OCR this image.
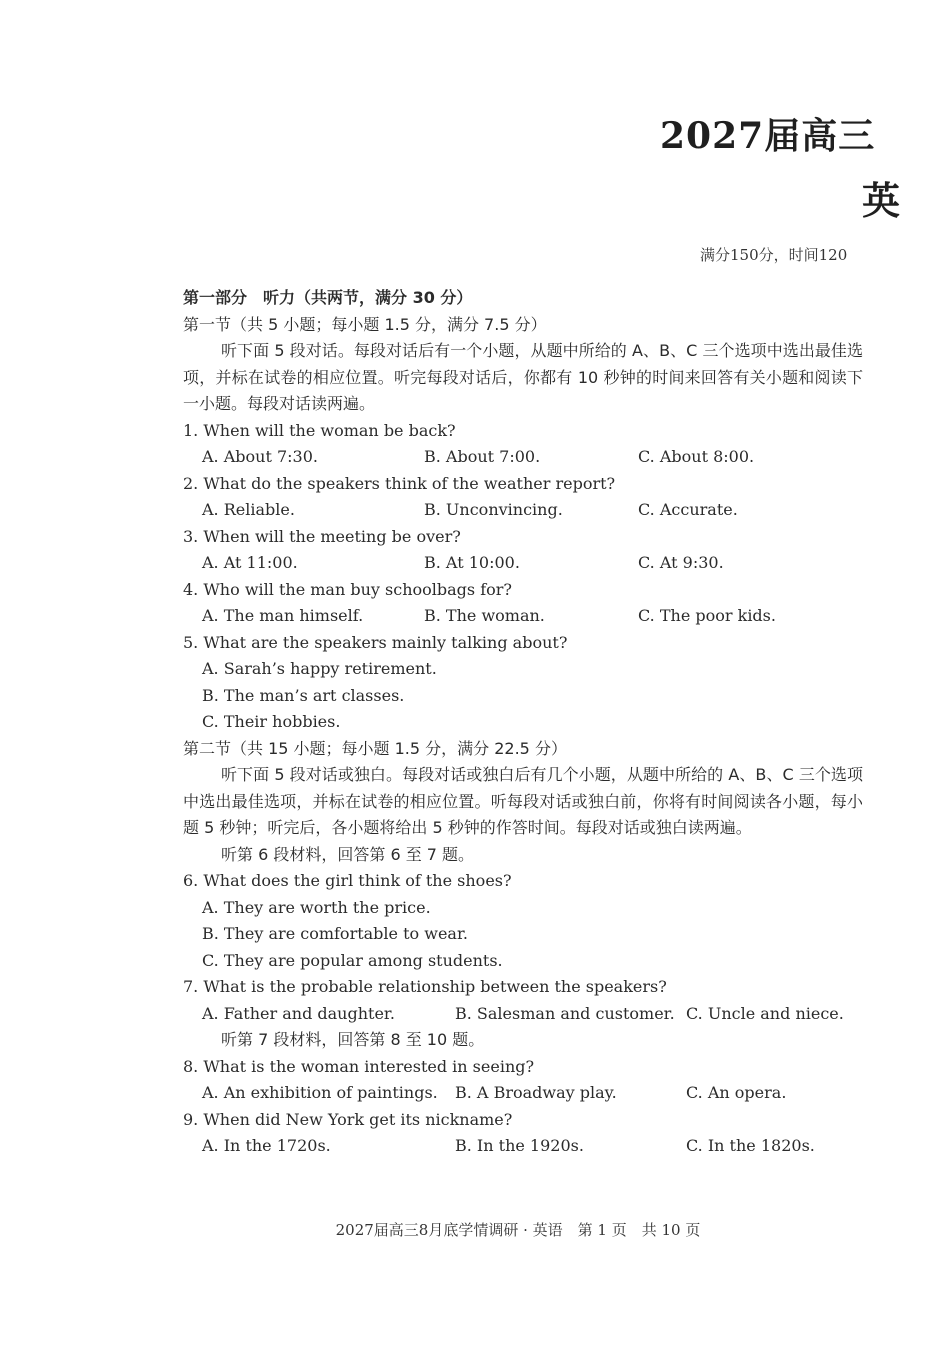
2027届高三
英
满分150分，时间120
第一部分　听力（共两节，满分 30 分）
第一节（共 5 小题；每小题 1.5 分，满分 7.5 分）
听下面 5 段对话。每段对话后有一个小题，从题中所给的 A、B、C 三个选项中选出最佳选项，并标在试卷的相应位置。听完每段对话后，你都有 10 秒钟的时间来回答有关小题和阅读下一小题。每段对话读两遍。
1. When will the woman be back?
A. About 7:30.	B. About 7:00.	C. About 8:00.
2. What do the speakers think of the weather report?
A. Reliable.	B. Unconvincing.	C. Accurate.
3. When will the meeting be over?
A. At 11:00.	B. At 10:00.	C. At 9:30.
4. Who will the man buy schoolbags for?
A. The man himself.	B. The woman.	C. The poor kids.
5. What are the speakers mainly talking about?
A. Sarah’s happy retirement.
B. The man’s art classes.
C. Their hobbies.
第二节（共 15 小题；每小题 1.5 分，满分 22.5 分）
听下面 5 段对话或独白。每段对话或独白后有几个小题，从题中所给的 A、B、C 三个选项中选出最佳选项，并标在试卷的相应位置。听每段对话或独白前，你将有时间阅读各小题，每小题 5 秒钟；听完后，各小题将给出 5 秒钟的作答时间。每段对话或独白读两遍。
听第 6 段材料，回答第 6 至 7 题。
6. What does the girl think of the shoes?
A. They are worth the price.
B. They are comfortable to wear.
C. They are popular among students.
7. What is the probable relationship between the speakers?
A. Father and daughter.	B. Salesman and customer. C. Uncle and niece.
听第 7 段材料，回答第 8 至 10 题。
8. What is the woman interested in seeing?
A. An exhibition of paintings. B. A Broadway play.	C. An opera.
9. When did New York get its nickname?
A. In the 1720s.	B. In the 1920s.	C. In the 1820s.
2027届高三8月底学情调研 · 英语　第 1 页　共 10 页
